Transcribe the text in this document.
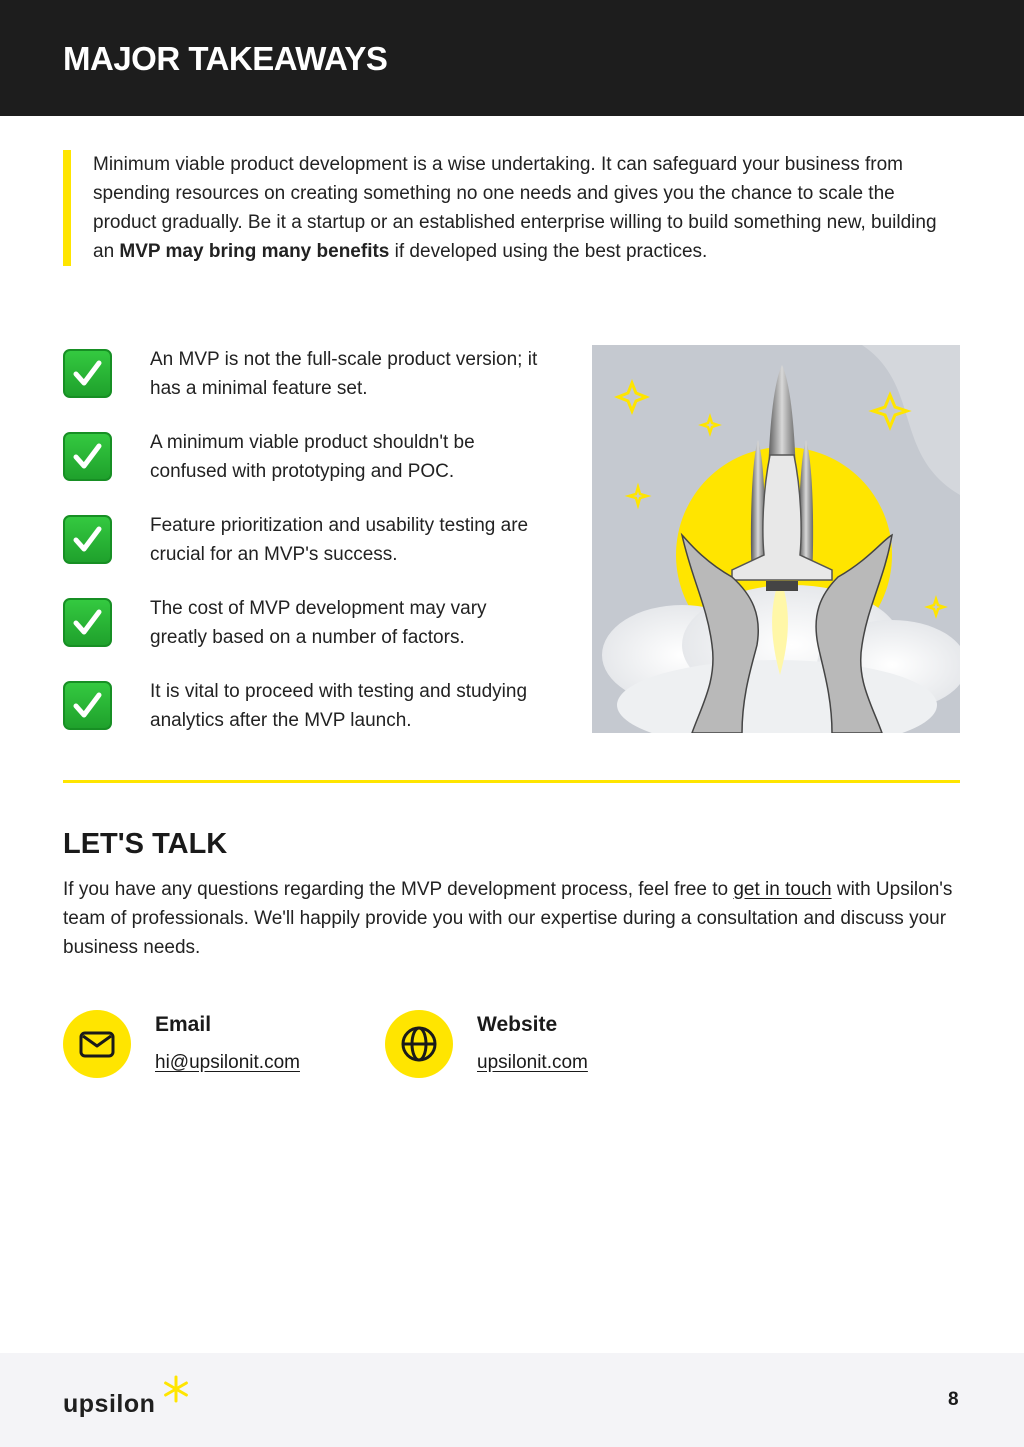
MAJOR TAKEAWAYS
Minimum viable product development is a wise undertaking. It can safeguard your business from spending resources on creating something no one needs and gives you the chance to scale the product gradually. Be it a startup or an established enterprise willing to build something new, building an MVP may bring many benefits if developed using the best practices.
An MVP is not the full-scale product version; it has a minimal feature set.
A minimum viable product shouldn't be confused with prototyping and POC.
Feature prioritization and usability testing are crucial for an MVP's success.
The cost of MVP development may vary greatly based on a number of factors.
It is vital to proceed with testing and studying analytics after the MVP launch.
LET'S TALK
If you have any questions regarding the MVP development process, feel free to get in touch with Upsilon's team of professionals. We'll happily provide you with our expertise during a consultation and discuss your business needs.
Email
hi@upsilonit.com
Website
upsilonit.com
upsilon	8
